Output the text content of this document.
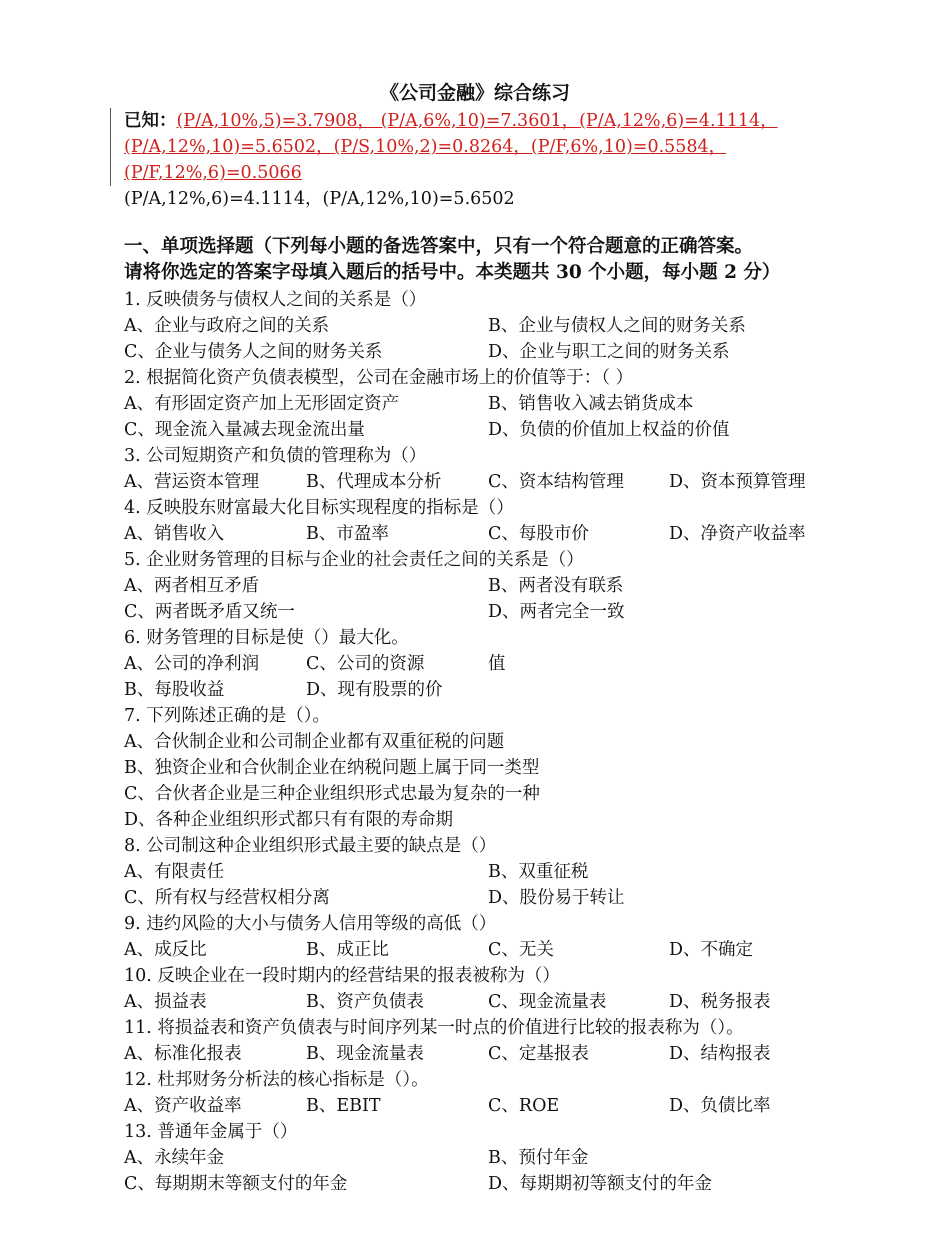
《公司金融》综合练习
已知：(P/A,10%,5)=3.7908， (P/A,6%,10)=7.3601，(P/A,12%,6)=4.1114，
(P/A,12%,10)=5.6502，(P/S,10%,2)=0.8264，(P/F,6%,10)=0.5584，
(P/F,12%,6)=0.5066
(P/A,12%,6)=4.1114，(P/A,12%,10)=5.6502
一、单项选择题（下列每小题的备选答案中，只有一个符合题意的正确答案。
请将你选定的答案字母填入题后的括号中。本类题共 30 个小题，每小题 2 分）
1. 反映债务与债权人之间的关系是（）
A、企业与政府之间的关系	B、企业与债权人之间的财务关系
C、企业与债务人之间的财务关系	D、企业与职工之间的财务关系
2. 根据简化资产负债表模型，公司在金融市场上的价值等于：（ ）
A、有形固定资产加上无形固定资产	B、销售收入减去销货成本
C、现金流入量减去现金流出量	D、负债的价值加上权益的价值
3. 公司短期资产和负债的管理称为（）
A、营运资本管理	B、代理成本分析	C、资本结构管理	D、资本预算管理
4. 反映股东财富最大化目标实现程度的指标是（）
A、销售收入	B、市盈率	C、每股市价	D、净资产收益率
5. 企业财务管理的目标与企业的社会责任之间的关系是（）
A、两者相互矛盾	B、两者没有联系
C、两者既矛盾又统一	D、两者完全一致
6. 财务管理的目标是使（）最大化。
A、公司的净利润	C、公司的资源	值
B、每股收益	D、现有股票的价
7. 下列陈述正确的是（）。
A、合伙制企业和公司制企业都有双重征税的问题
B、独资企业和合伙制企业在纳税问题上属于同一类型
C、合伙者企业是三种企业组织形式忠最为复杂的一种
D、各种企业组织形式都只有有限的寿命期
8. 公司制这种企业组织形式最主要的缺点是（）
A、有限责任	B、双重征税
C、所有权与经营权相分离	D、股份易于转让
9. 违约风险的大小与债务人信用等级的高低（）
A、成反比	B、成正比	C、无关	D、不确定
10. 反映企业在一段时期内的经营结果的报表被称为（）
A、损益表	B、资产负债表	C、现金流量表	D、税务报表
11. 将损益表和资产负债表与时间序列某一时点的价值进行比较的报表称为（）。
A、标准化报表	B、现金流量表	C、定基报表	D、结构报表
12. 杜邦财务分析法的核心指标是（）。
A、资产收益率	B、EBIT	C、ROE	D、负债比率
13. 普通年金属于（）
A、永续年金	B、预付年金
C、每期期末等额支付的年金	D、每期期初等额支付的年金
